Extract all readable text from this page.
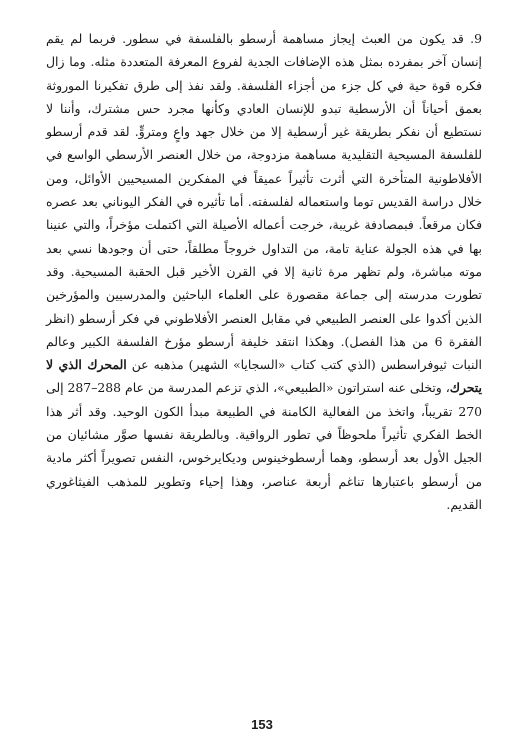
9. قد يكون من العبث إيجاز مساهمة أرسطو بالفلسفة في سطور. فربما لم يقم إنسان آخر بمفرده بمثل هذه الإضافات الجدية لفروع المعرفة المتعددة مثله. وما زال فكره قوة حية في كل جزء من أجزاء الفلسفة. ولقد نفذ إلى طرق تفكيرنا الموروثة بعمق أحياناً أن الأرسطية تبدو للإنسان العادي وكأنها مجرد حس مشترك، وأننا لا نستطيع أن نفكر بطريقة غير أرسطية إلا من خلال جهد واعٍ ومتروٍّ. لقد قدم أرسطو للفلسفة المسيحية التقليدية مساهمة مزدوجة، من خلال العنصر الأرسطي الواسع في الأفلاطونية المتأخرة التي أثرت تأثيراً عميقاً في المفكرين المسيحيين الأوائل، ومن خلال دراسة القديس توما واستعماله لفلسفته. أما تأثيره في الفكر اليوناني بعد عصره فكان مرقعاً. فبمصادفة غريبة، خرجت أعماله الأصيلة التي اكتملت مؤخراً، والتي عنينا بها في هذه الجولة عناية تامة، من التداول خروجاً مطلقاً، حتى أن وجودها نسي بعد موته مباشرة، ولم تظهر مرة ثانية إلا في القرن الأخير قبل الحقبة المسيحية. وقد تطورت مدرسته إلى جماعة مقصورة على العلماء الباحثين والمدرسيين والمؤرخين الذين أكدوا على العنصر الطبيعي في مقابل العنصر الأفلاطوني في فكر أرسطو (انظر الفقرة 6 من هذا الفصل). وهكذا انتقد خليفة أرسطو مؤرخ الفلسفة الكبير وعالم النبات ثيوفراسطس (الذي كتب كتاب «السجايا» الشهير) مذهبه عن المحرك الذي لا يتحرك، وتخلى عنه استراتون «الطبيعي»، الذي تزعم المدرسة من عام 288–287 إلى 270 تقريباً، واتخذ من الفعالية الكامنة في الطبيعة مبدأ الكون الوحيد. وقد أثر هذا الخط الفكري تأثيراً ملحوظاً في تطور الرواقية. وبالطريقة نفسها صوَّر مشائيان من الجيل الأول بعد أرسطو، وهما أرسطوخينوس وديكايرخوس، النفس تصويراً أكثر مادية من أرسطو باعتبارها تناغم أربعة عناصر، وهذا إحياء وتطوير للمذهب الفيثاغوري القديم.

153
